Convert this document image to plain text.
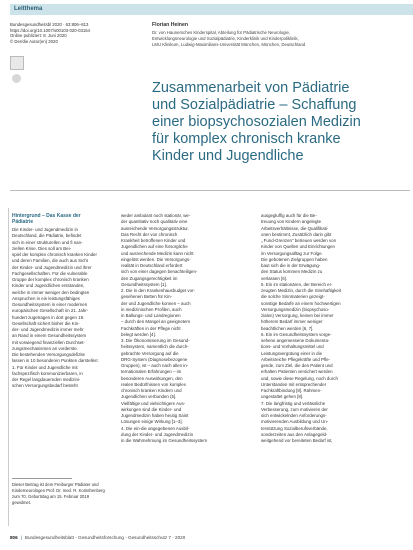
Leitthema
Bundesgesundheitsbl 2020 · 63:806–813
https://doi.org/10.1007/s00103-020-03154
Online publiziert: 8. Juni 2020
© Der/die Autor(en) 2020
Florian Heinen
Dr. von Haunersches Kinderspital, Abteilung für Pädiatrische Neurologie,
Entwicklungsneurologie und Sozialpädiatrie, Kinderklinik und Kinderpoliklinik,
LMU Klinikum, Ludwig-Maximilians-Universität München, München, Deutschland
Zusammenarbeit von Pädiatrie
und Sozialpädiatrie – Schaffung
einer biopsychosozialen Medizin
für komplex chronisch kranke
Kinder und Jugendliche
Hintergrund – Das Kasse der
Pädiatrie
Die Kinder- und Jugendmedizin in
Deutschland, die Pädiatrie, befindet
sich in einer strukturellen und fi nan-
ziellen Krise. Dies soll am Bei-
spiel der komplex chronisch kranken Kinder
und deren Familien, die auch aus Sicht
der Kinder- und Jugendmedizin und ihrer
Fachgesellschaften. Für die vulnerable
Gruppe der komplex chronisch kranken
Kinder und Jugendlichen entstanden,
welche in immer weniger den bedingten
Anspruchen in ein leistungsfähiges
Gesundheitssystem in einer modernen
europäischen Gesellschaft im 21. Jahr-
hundert zugetragen in dort gegen 19.
Gesellschaft sichert bisher die Kin-
der- und Jugendmedizin immer mehr
an Rand in einem Gesundheitssystem
mit vorwiegend finanziellen Durchset-
zungsmechanismen an vorderste.
Die bestehenden Versorgungsdefizite
lassen in 10 besonderen Punkten darstellen:
1. Für Kinder und Jugendliche mit
fachspezifisch kommunizierbaren, in
der Regel langdauernden medizini-
schen Versorgungsbedarf besteht
Dieser Beitrag ist dem Freiburger Pädiater und
Kinderneurologen Prof. Dr. med. R. Korinthenberg
zum 70. Geburtstag am 15. Februar 2019
gewidmet.
weder ambulant noch stationär, we-
der quantitativ noch qualitativ eine
ausreichende Versorgungsstruktur.
Das Recht der von chronisch
Krankheit betroffenen Kinder und
Jugendlichen auf eine fürsorgliche
und ausreichende Medizin kann nicht
eingelöst werden. Die Versorgungs-
realität in Deutschland erfordert
sich von einer dagegen benachteiligen-
den Zugangsgerechtigkeit im
Gesundheitssystem [1].
2. Die in den Krankenhausbudget vor-
gesehenen Betten für Kin-
der und Jugendliche konnen – auch
in medizinischen Profilen, auch
in Ballungs- und Landregionen
– durch den Mangel an geeignetem
Fachkräften in der Pflege nicht
belegt werden [4].
3. Die Ökonomisierung im Gesund-
heitssystem, namentlich die durch-
gebrachte Versorgung auf die
DRG-System (Diagnosebezogene
Gruppen), ist – auch nach allen in-
ternationalen Erfahrungen – im
besonderen Auswirkungen, den
realen Bedürfnissen von komplex
chronisch kranken Kindern und
Jugendlichen verbunden (5].
Vielfältige und vielsichtigere Aus-
wirkungen sind die Kinder- und
Jugendmedizin haben heutig Saint
Lösungen einige Wirkung [1–3].
4. Die ein-die angegebenen Ausbil-
dung der Kinder- und Jugendmedizin
in die Wahrnehmung im Gesundheitssystem
ausgegluffig auch für die Be-
treuung von Kindern angelegte
Arbeitsverhältnisse, die Qualifikati-
onen bestimmt, Zusätzlich darin gibt
„ Fund-Grenzen" betreuen werden von
Kinder von Quellen und Einrichtungen
im Versorgungsalltag zur Folge.
Die gebotenen Zielgruppen haben
baut sich die in der Erwägung-
den Status kommen Medizin zu
verlassen [6].
5. Ein im stationären, der Bereich er-
zeugten Medizin, durch die Sinnhaftigkeit
die solche Sinnmaterien gezeigt-
sonstige Bedarfe an einem hochwertigen
Versorgungsmedizin (biopsychoso-
zialen) Versorgung, keinen bei immer
höherem Bedarf immer weniger
beachtlichen werden [6, 7].
6. Ein im Gesundheitssystem vorge-
sehene angemessene Dokumenta-
tions- und Vorhaltungsmittel und
Leistungsvergütung einer in die
Arbeitsreiche Pflegekräfte und Pfle-
gende, zum Ziel, die den Patient und
erhalten Patienten versichert werden
und, sowie diese Regelung, noch durch
Unterstanden mit entsprechender
Fachkraftbindung [8]. Rahmen-
ungestaltet gehen [8].
7. Die langfristig und verlässliche
Verbesserung, zum motivieren der
sich entwickelnden Anforderungs-
motivierenden Ausbildung und Un-
terstützung Sozialberufsverbände,
sonderzeiten aus den Anlagegeld-
weitgehend vor bereiteten Bedarf ist,
806 | Bundesgesundheitsblatt - Gesundheitsforschung - Gesundheitsschutz 7 · 2020
